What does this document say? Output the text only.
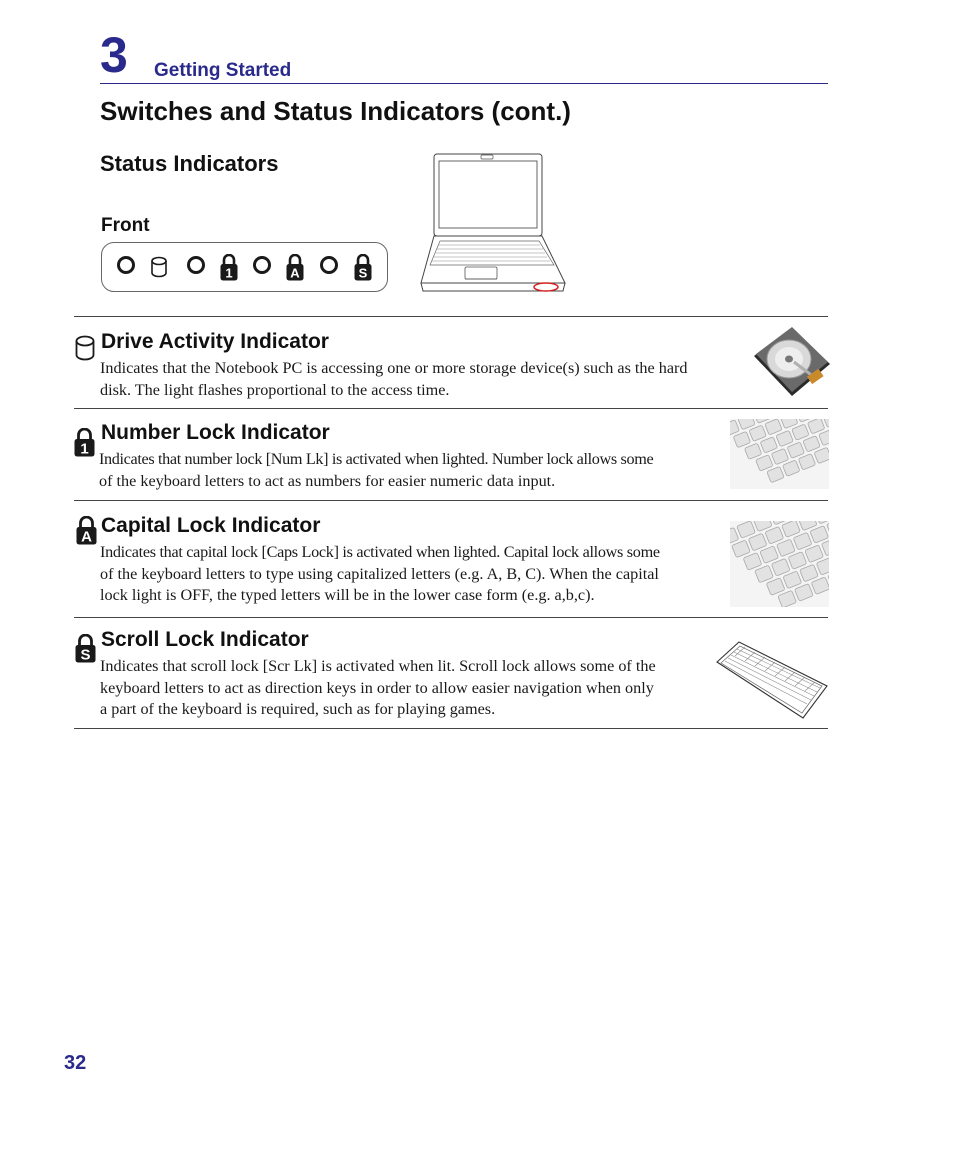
3 Getting Started
Switches and Status Indicators (cont.)
Status Indicators
Front
1	A	S
Drive Activity Indicator
Indicates that the Notebook PC is accessing one or more storage device(s) such as the hard
disk. The light flashes proportional to the access time.
1
Number Lock Indicator
Indicates that number lock [Num Lk] is activated when lighted. Number lock allows some
of the keyboard letters to act as numbers for easier numeric data input.
A Capital Lock Indicator
Indicates that capital lock [Caps Lock] is activated when lighted. Capital lock allows some
of the keyboard letters to type using capitalized letters (e.g. A, B, C). When the capital
lock light is OFF, the typed letters will be in the lower case form (e.g. a,b,c).
S
Scroll Lock Indicator
Indicates that scroll lock [Scr Lk] is activated when lit. Scroll lock allows some of the
keyboard letters to act as direction keys in order to allow easier navigation when only
a part of the keyboard is required, such as for playing games.
32
